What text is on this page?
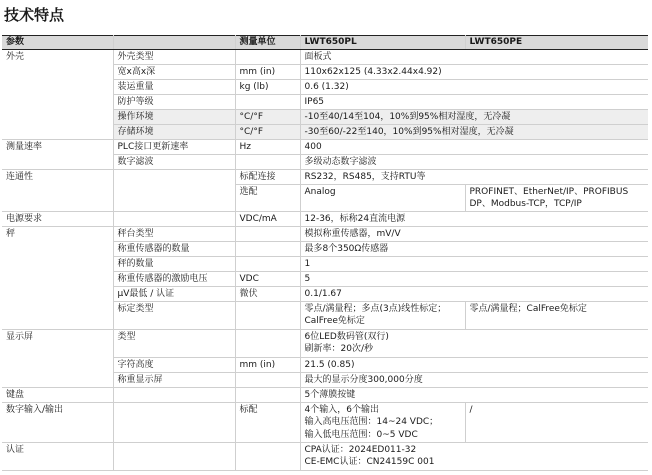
技术特点
参数		测量单位	LWT650PL	LWT650PE
外壳	外壳类型		面板式	
	宽x高x深	mm (in)	110x62x125 (4.33x2.44x4.92)	
	装运重量	kg (lb)	0.6 (1.32)	
	防护等级		IP65	
	操作环境	°C/°F	-10至40/14至104，10%到95%相对湿度，无冷凝	
	存储环境	°C/°F	-30至60/-22至140，10%到95%相对湿度，无冷凝	
测量速率	PLC接口更新速率	Hz	400	
	数字滤波		多级动态数字滤波	
连通性		标配连接	RS232，RS485，支持RTU等	
		选配	Analog	PROFINET、EtherNet/IP、PROFIBUS
DP、Modbus-TCP，TCP/IP
电源要求		VDC/mA	12-36，标称24直流电源	
秤	秤台类型		模拟称重传感器，mV/V	
	称重传感器的数量		最多8个350Ω传感器	
	秤的数量		1	
	称重传感器的激励电压	VDC	5	
	μV最低 / 认证	微伏	0.1/1.67	
	标定类型		零点/满量程；多点(3点)线性标定；
CalFree免标定	零点/满量程；CalFree免标定
显示屏	类型		6位LED数码管(双行)
刷新率：20次/秒	
	字符高度	mm (in)	21.5 (0.85)	
	称重显示屏		最大的显示分度300,000分度	
键盘			5个薄膜按键	
数字输入/输出		标配	4个输入，6个输出
输入高电压范围：14~24 VDC；
输入低电压范围：0~5 VDC	/
认证			CPA认证：2024ED011-32
CE-EMC认证：CN24159C 001	
